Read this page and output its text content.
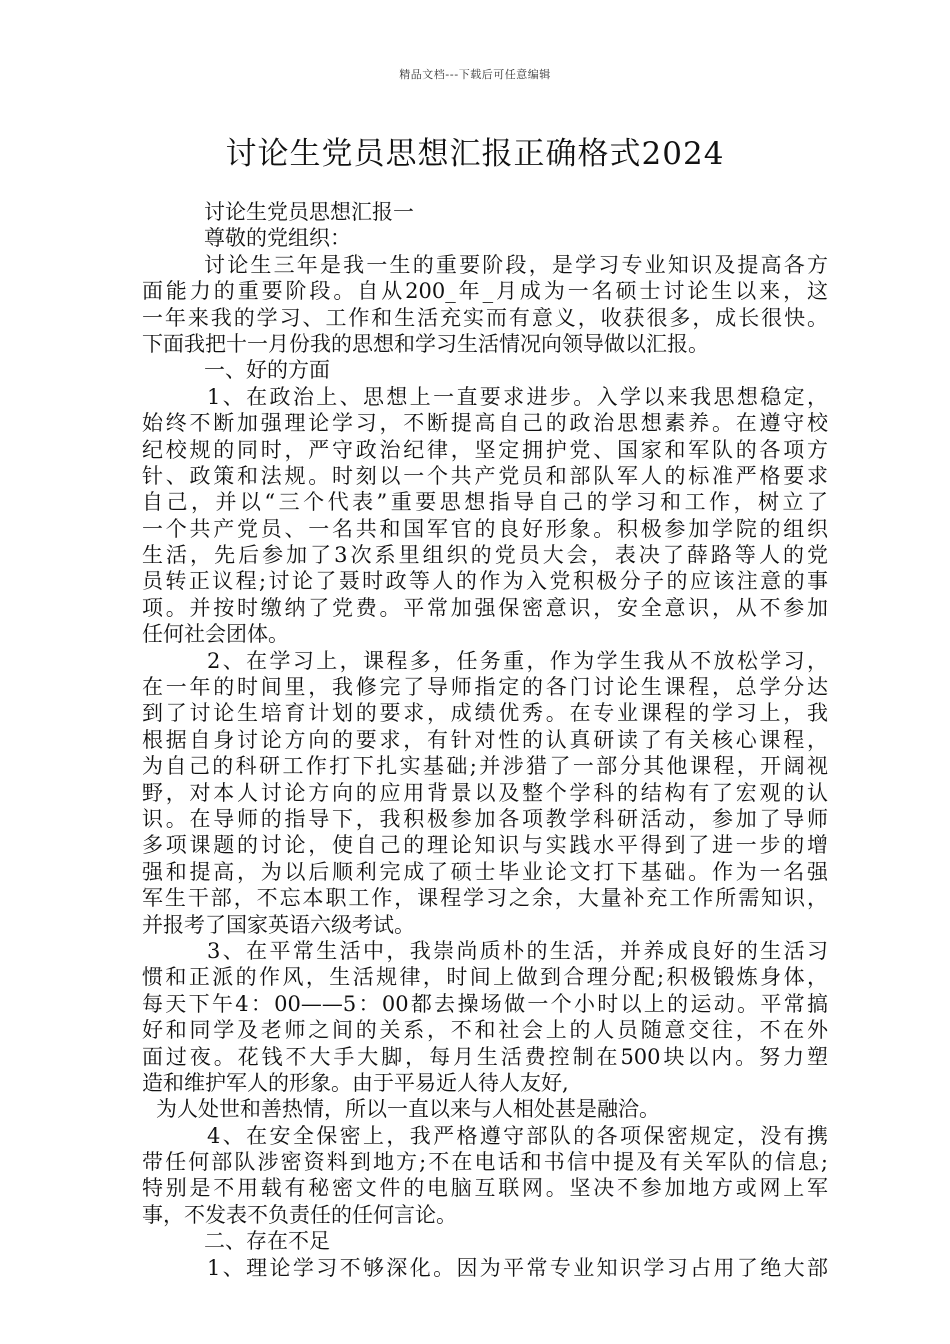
精品文档---下载后可任意编辑
讨论生党员思想汇报正确格式2024
讨论生党员思想汇报一
尊敬的党组织：
讨论生三年是我一生的重要阶段，是学习专业知识及提高各方
面能力的重要阶段。自从200_年_月成为一名硕士讨论生以来，这
一年来我的学习、工作和生活充实而有意义，收获很多，成长很快。
下面我把十一月份我的思想和学习生活情况向领导做以汇报。
一、好的方面
1、在政治上、思想上一直要求进步。入学以来我思想稳定，
始终不断加强理论学习，不断提高自己的政治思想素养。在遵守校
纪校规的同时，严守政治纪律，坚定拥护党、国家和军队的各项方
针、政策和法规。时刻以一个共产党员和部队军人的标准严格要求
自己，并以“三个代表”重要思想指导自己的学习和工作，树立了
一个共产党员、一名共和国军官的良好形象。积极参加学院的组织
生活，先后参加了3次系里组织的党员大会，表决了薛路等人的党
员转正议程;讨论了聂时政等人的作为入党积极分子的应该注意的事
项。并按时缴纳了党费。平常加强保密意识，安全意识，从不参加
任何社会团体。
2、在学习上，课程多，任务重，作为学生我从不放松学习，
在一年的时间里，我修完了导师指定的各门讨论生课程，总学分达
到了讨论生培育计划的要求，成绩优秀。在专业课程的学习上，我
根据自身讨论方向的要求，有针对性的认真研读了有关核心课程，
为自己的科研工作打下扎实基础;并涉猎了一部分其他课程，开阔视
野，对本人讨论方向的应用背景以及整个学科的结构有了宏观的认
识。在导师的指导下，我积极参加各项教学科研活动，参加了导师
多项课题的讨论，使自己的理论知识与实践水平得到了进一步的增
强和提高，为以后顺利完成了硕士毕业论文打下基础。作为一名强
军生干部，不忘本职工作，课程学习之余，大量补充工作所需知识，
并报考了国家英语六级考试。
3、在平常生活中，我崇尚质朴的生活，并养成良好的生活习
惯和正派的作风，生活规律，时间上做到合理分配;积极锻炼身体，
每天下午4：00——5：00都去操场做一个小时以上的运动。平常搞
好和同学及老师之间的关系，不和社会上的人员随意交往，不在外
面过夜。花钱不大手大脚，每月生活费控制在500块以内。努力塑
造和维护军人的形象。由于平易近人待人友好,
为人处世和善热情，所以一直以来与人相处甚是融洽。
4、在安全保密上，我严格遵守部队的各项保密规定，没有携
带任何部队涉密资料到地方;不在电话和书信中提及有关军队的信息;
特别是不用载有秘密文件的电脑互联网。坚决不参加地方或网上军
事，不发表不负责任的任何言论。
二、存在不足
1、理论学习不够深化。因为平常专业知识学习占用了绝大部
